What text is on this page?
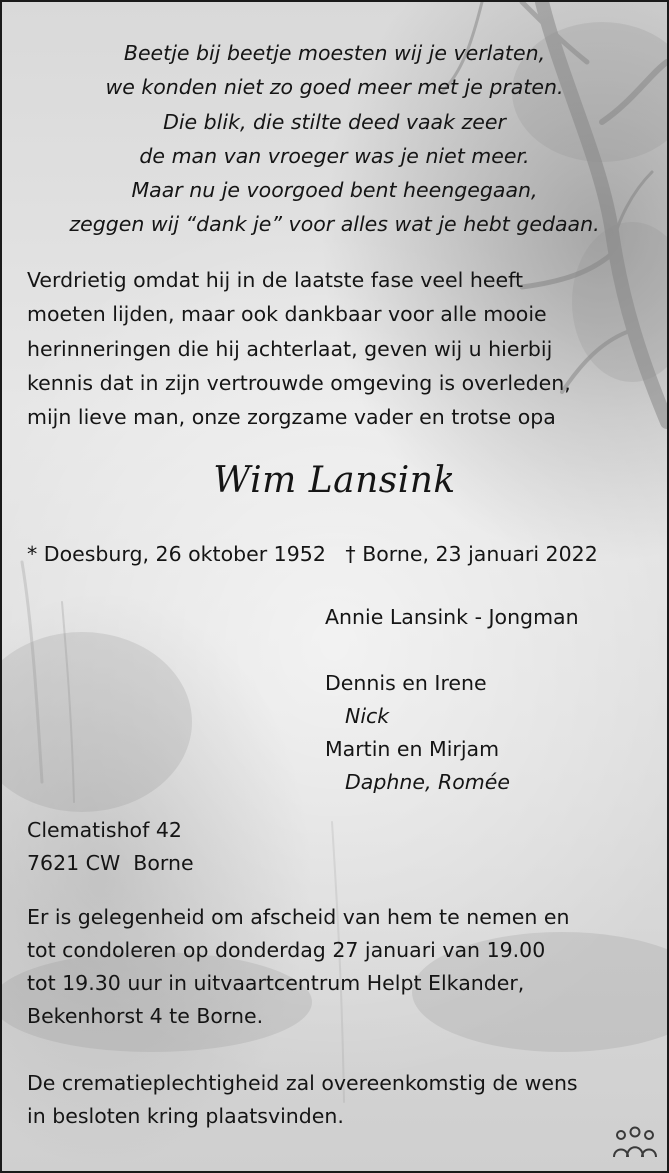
Beetje bij beetje moesten wij je verlaten,
we konden niet zo goed meer met je praten.
Die blik, die stilte deed vaak zeer
de man van vroeger was je niet meer.
Maar nu je voorgoed bent heengegaan,
zeggen wij “dank je” voor alles wat je hebt gedaan.
Verdrietig omdat hij in de laatste fase veel heeft
moeten lijden, maar ook dankbaar voor alle mooie
herinneringen die hij achterlaat, geven wij u hierbij
kennis dat in zijn vertrouwde omgeving is overleden,
mijn lieve man, onze zorgzame vader en trotse opa
Wim Lansink
* Doesburg, 26 oktober 1952 † Borne, 23 januari 2022
Annie Lansink - Jongman
Dennis en Irene
Nick
Martin en Mirjam
Daphne, Romée
Clematishof 42
7621 CW  Borne
Er is gelegenheid om afscheid van hem te nemen en
tot condoleren op donderdag 27 januari van 19.00
tot 19.30 uur in uitvaartcentrum Helpt Elkander,
Bekenhorst 4 te Borne.
De crematieplechtigheid zal overeenkomstig de wens
in besloten kring plaatsvinden.
